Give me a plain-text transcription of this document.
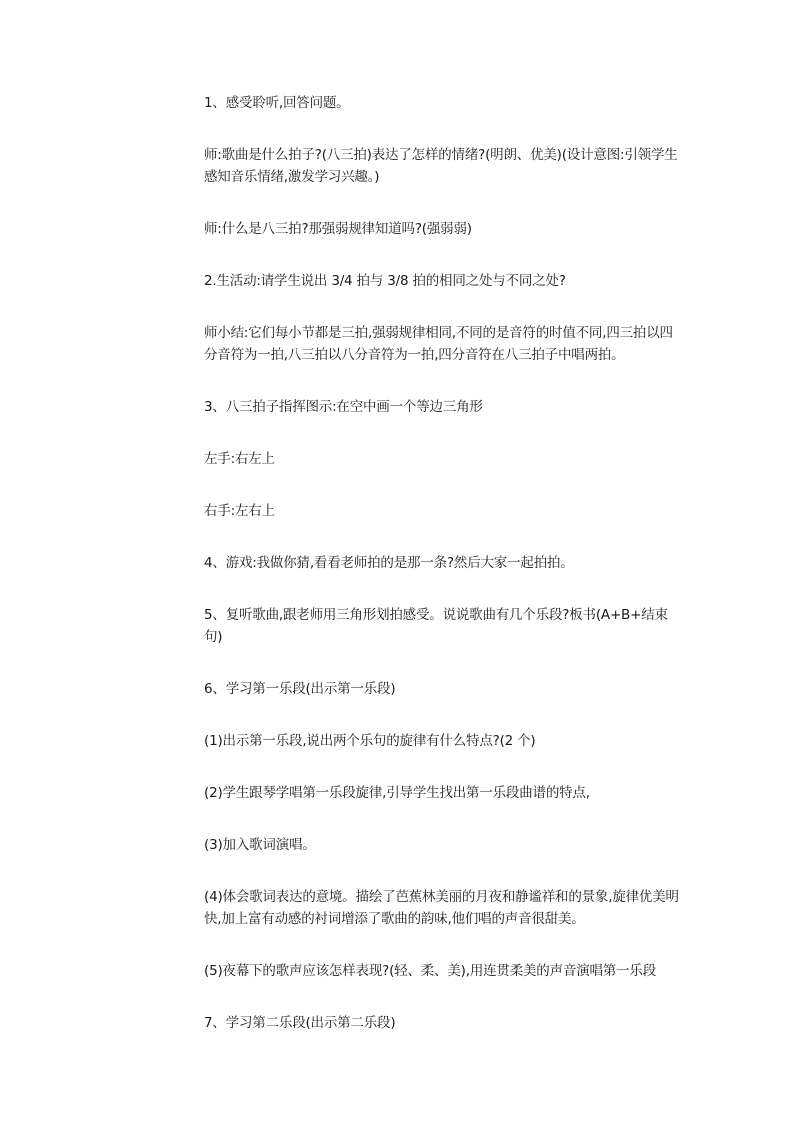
1、感受聆听,回答问题。

师:歌曲是什么拍子?(八三拍)表达了怎样的情绪?(明朗、优美)(设计意图:引领学生感知音乐情绪,激发学习兴趣。)

师:什么是八三拍?那强弱规律知道吗?(强弱弱)

2.生活动:请学生说出 3/4 拍与 3/8 拍的相同之处与不同之处?

师小结:它们每小节都是三拍,强弱规律相同,不同的是音符的时值不同,四三拍以四分音符为一拍,八三拍以八分音符为一拍,四分音符在八三拍子中唱两拍。

3、八三拍子指挥图示:在空中画一个等边三角形

左手:右左上

右手:左右上

4、游戏:我做你猜,看看老师拍的是那一条?然后大家一起拍拍。

5、复听歌曲,跟老师用三角形划拍感受。说说歌曲有几个乐段?板书(A+B+结束句)

6、学习第一乐段(出示第一乐段)

(1)出示第一乐段,说出两个乐句的旋律有什么特点?(2 个)

(2)学生跟琴学唱第一乐段旋律,引导学生找出第一乐段曲谱的特点,

(3)加入歌词演唱。

(4)体会歌词表达的意境。描绘了芭蕉林美丽的月夜和静谧祥和的景象,旋律优美明快,加上富有动感的衬词增添了歌曲的韵味,他们唱的声音很甜美。

(5)夜幕下的歌声应该怎样表现?(轻、柔、美),用连贯柔美的声音演唱第一乐段

7、学习第二乐段(出示第二乐段)
